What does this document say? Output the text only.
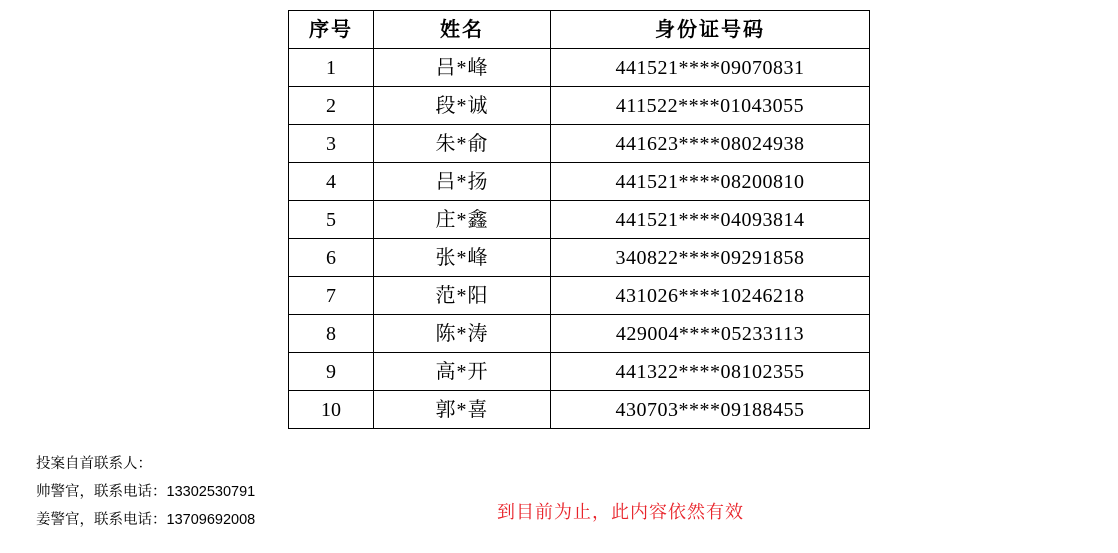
序号	姓名	身份证号码
1	吕*峰	441521****09070831
2	段*诚	411522****01043055
3	朱*俞	441623****08024938
4	吕*扬	441521****08200810
5	庄*鑫	441521****04093814
6	张*峰	340822****09291858
7	范*阳	431026****10246218
8	陈*涛	429004****05233113
9	高*开	441322****08102355
10	郭*喜	430703****09188455
投案自首联系人：
帅警官，联系电话：13302530791
姜警官，联系电话：13709692008	到目前为止，此内容依然有效
